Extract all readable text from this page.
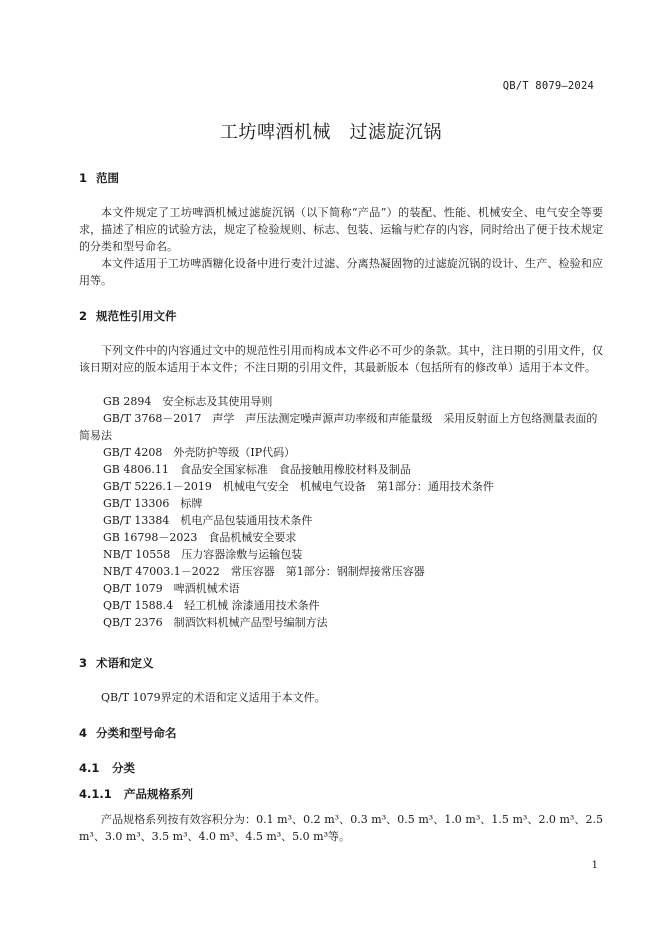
QB/T 8079—2024
工坊啤酒机械　过滤旋沉锅
1 范围
本文件规定了工坊啤酒机械过滤旋沉锅（以下简称“产品”）的装配、性能、机械安全、电气安全等要求，描述了相应的试验方法，规定了检验规则、标志、包装、运输与贮存的内容，同时给出了便于技术规定的分类和型号命名。
本文件适用于工坊啤酒糖化设备中进行麦汁过滤、分离热凝固物的过滤旋沉锅的设计、生产、检验和应用等。
2 规范性引用文件
下列文件中的内容通过文中的规范性引用而构成本文件必不可少的条款。其中，注日期的引用文件，仅该日期对应的版本适用于本文件；不注日期的引用文件，其最新版本（包括所有的修改单）适用于本文件。
GB 2894　安全标志及其使用导则
GB/T 3768－2017　声学　声压法测定噪声源声功率级和声能量级　采用反射面上方包络测量表面的简易法
GB/T 4208　外壳防护等级（IP代码）
GB 4806.11　食品安全国家标准　食品接触用橡胶材料及制品
GB/T 5226.1－2019　机械电气安全　机械电气设备　第1部分：通用技术条件
GB/T 13306　标牌
GB/T 13384　机电产品包装通用技术条件
GB 16798－2023　食品机械安全要求
NB/T 10558　压力容器涂敷与运输包装
NB/T 47003.1－2022　常压容器　第1部分：钢制焊接常压容器
QB/T 1079　啤酒机械术语
QB/T 1588.4　轻工机械 涂漆通用技术条件
QB/T 2376　制酒饮料机械产品型号编制方法
3 术语和定义
QB/T 1079界定的术语和定义适用于本文件。
4 分类和型号命名
4.1 分类
4.1.1 产品规格系列
产品规格系列按有效容积分为：0.1 m³、0.2 m³、0.3 m³、0.5 m³、1.0 m³、1.5 m³、2.0 m³、2.5 m³、3.0 m³、3.5 m³、4.0 m³、4.5 m³、5.0 m³等。
1
